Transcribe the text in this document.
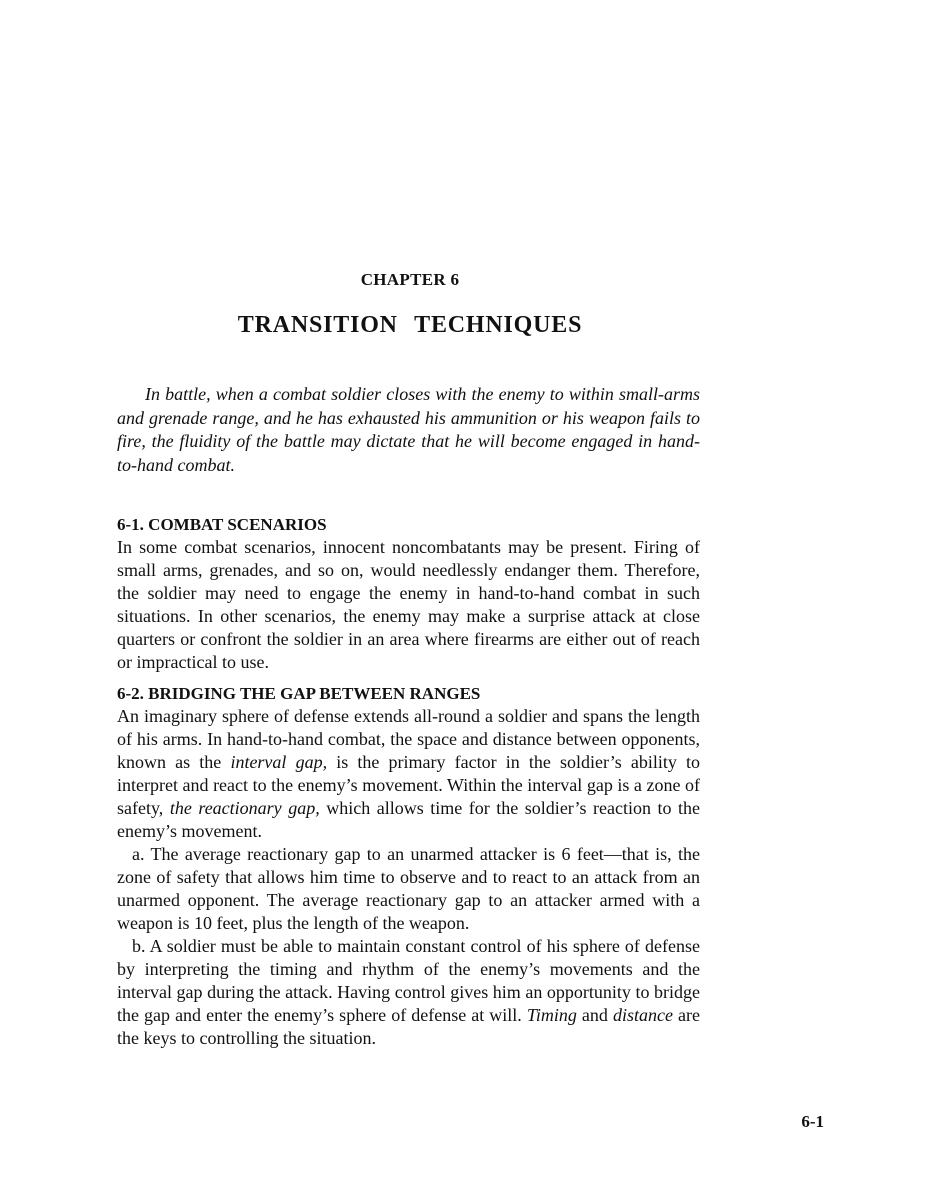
CHAPTER 6
TRANSITION TECHNIQUES
In battle, when a combat soldier closes with the enemy to within small-arms and grenade range, and he has exhausted his ammunition or his weapon fails to fire, the fluidity of the battle may dictate that he will become engaged in hand-to-hand combat.
6-1. COMBAT SCENARIOS
In some combat scenarios, innocent noncombatants may be present. Firing of small arms, grenades, and so on, would needlessly endanger them. Therefore, the soldier may need to engage the enemy in hand-to-hand combat in such situations. In other scenarios, the enemy may make a surprise attack at close quarters or confront the soldier in an area where firearms are either out of reach or impractical to use.
6-2. BRIDGING THE GAP BETWEEN RANGES
An imaginary sphere of defense extends all-round a soldier and spans the length of his arms. In hand-to-hand combat, the space and distance between opponents, known as the interval gap, is the primary factor in the soldier’s ability to interpret and react to the enemy’s movement. Within the interval gap is a zone of safety, the reactionary gap, which allows time for the soldier’s reaction to the enemy’s movement.
a. The average reactionary gap to an unarmed attacker is 6 feet—that is, the zone of safety that allows him time to observe and to react to an attack from an unarmed opponent. The average reactionary gap to an attacker armed with a weapon is 10 feet, plus the length of the weapon.
b. A soldier must be able to maintain constant control of his sphere of defense by interpreting the timing and rhythm of the enemy’s movements and the interval gap during the attack. Having control gives him an opportunity to bridge the gap and enter the enemy’s sphere of defense at will. Timing and distance are the keys to controlling the situation.
6-1
